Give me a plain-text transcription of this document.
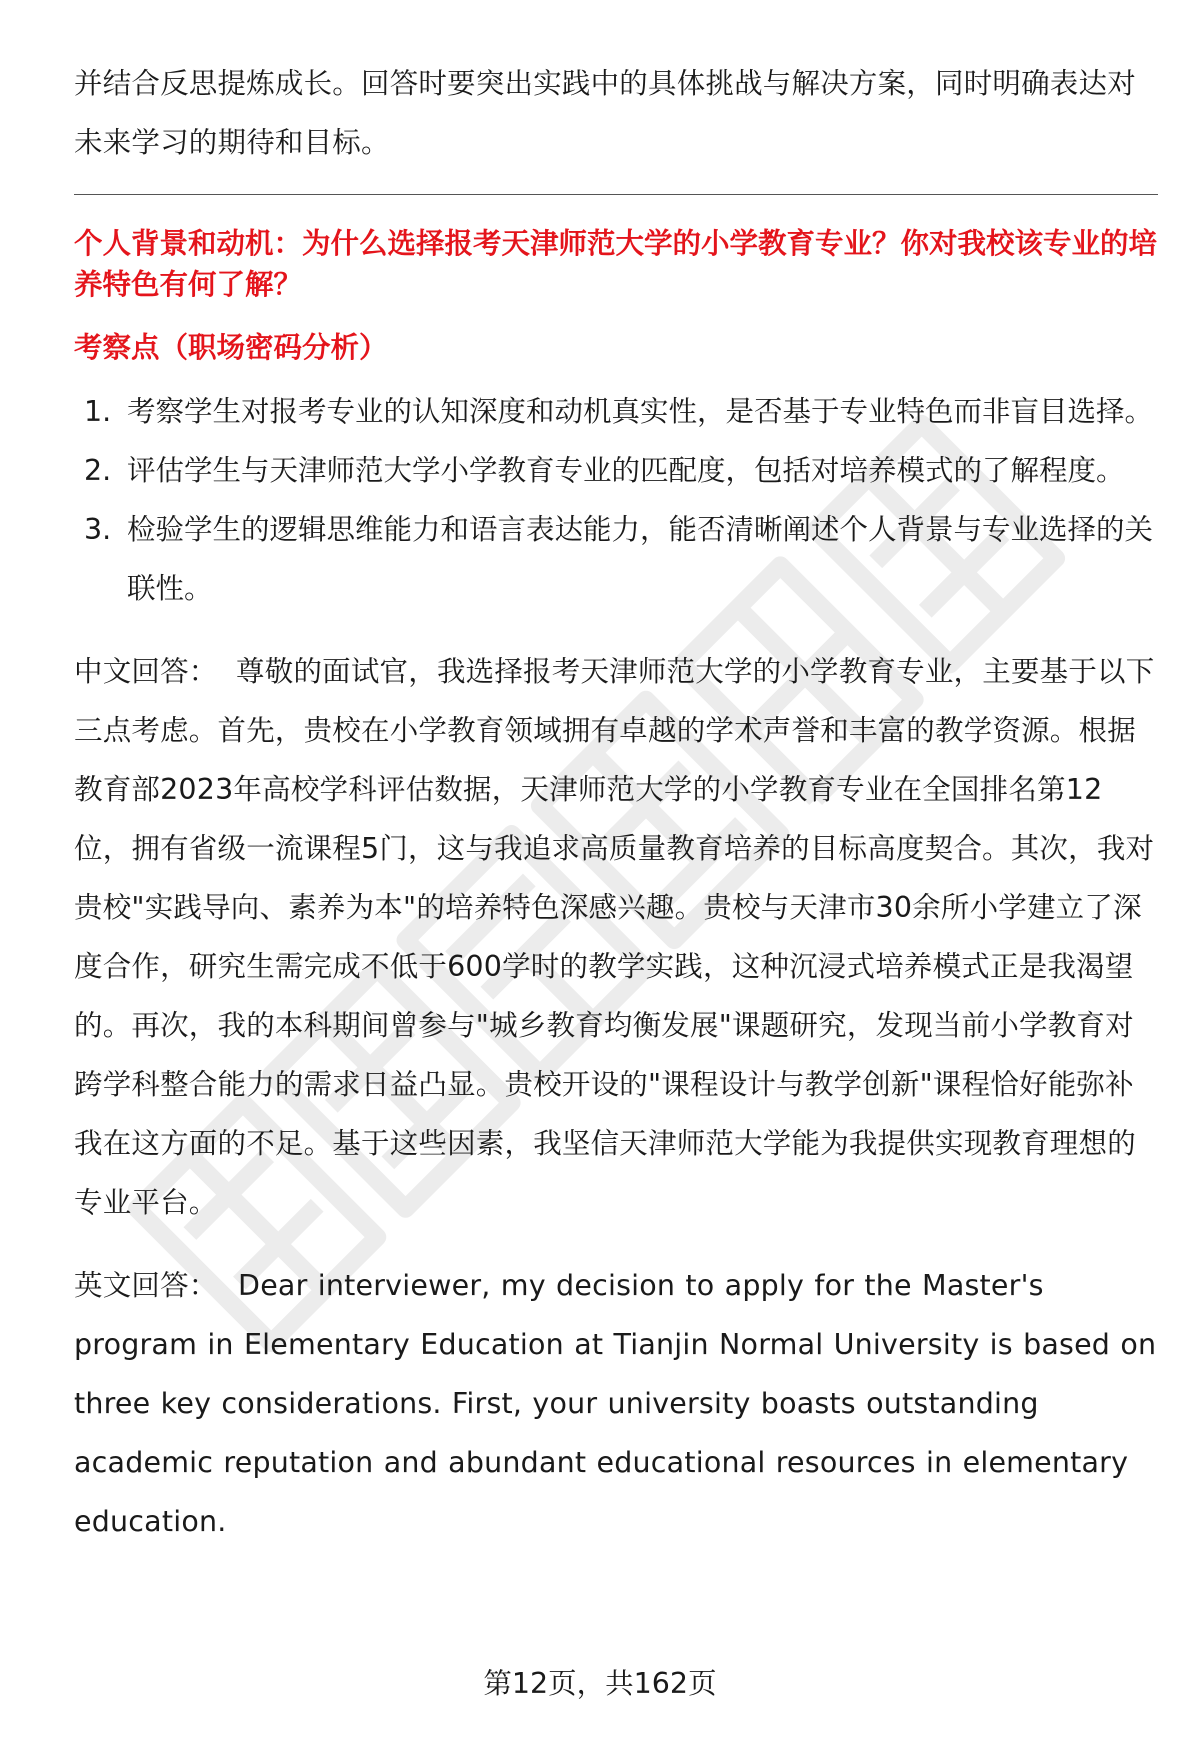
并结合反思提炼成长。回答时要突出实践中的具体挑战与解决方案，同时明确表达对未来学习的期待和目标。

个人背景和动机：为什么选择报考天津师范大学的小学教育专业？你对我校该专业的培养特色有何了解？

考察点（职场密码分析）

1. 考察学生对报考专业的认知深度和动机真实性，是否基于专业特色而非盲目选择。
2. 评估学生与天津师范大学小学教育专业的匹配度，包括对培养模式的了解程度。
3. 检验学生的逻辑思维能力和语言表达能力，能否清晰阐述个人背景与专业选择的关联性。

中文回答： 尊敬的面试官，我选择报考天津师范大学的小学教育专业，主要基于以下三点考虑。首先，贵校在小学教育领域拥有卓越的学术声誉和丰富的教学资源。根据教育部2023年高校学科评估数据，天津师范大学的小学教育专业在全国排名第12位，拥有省级一流课程5门，这与我追求高质量教育培养的目标高度契合。其次，我对贵校"实践导向、素养为本"的培养特色深感兴趣。贵校与天津市30余所小学建立了深度合作，研究生需完成不低于600学时的教学实践，这种沉浸式培养模式正是我渴望的。再次，我的本科期间曾参与"城乡教育均衡发展"课题研究，发现当前小学教育对跨学科整合能力的需求日益凸显。贵校开设的"课程设计与教学创新"课程恰好能弥补我在这方面的不足。基于这些因素，我坚信天津师范大学能为我提供实现教育理想的专业平台。

英文回答： Dear interviewer, my decision to apply for the Master's program in Elementary Education at Tianjin Normal University is based on three key considerations. First, your university boasts outstanding academic reputation and abundant educational resources in elementary education.

第12页，共162页
